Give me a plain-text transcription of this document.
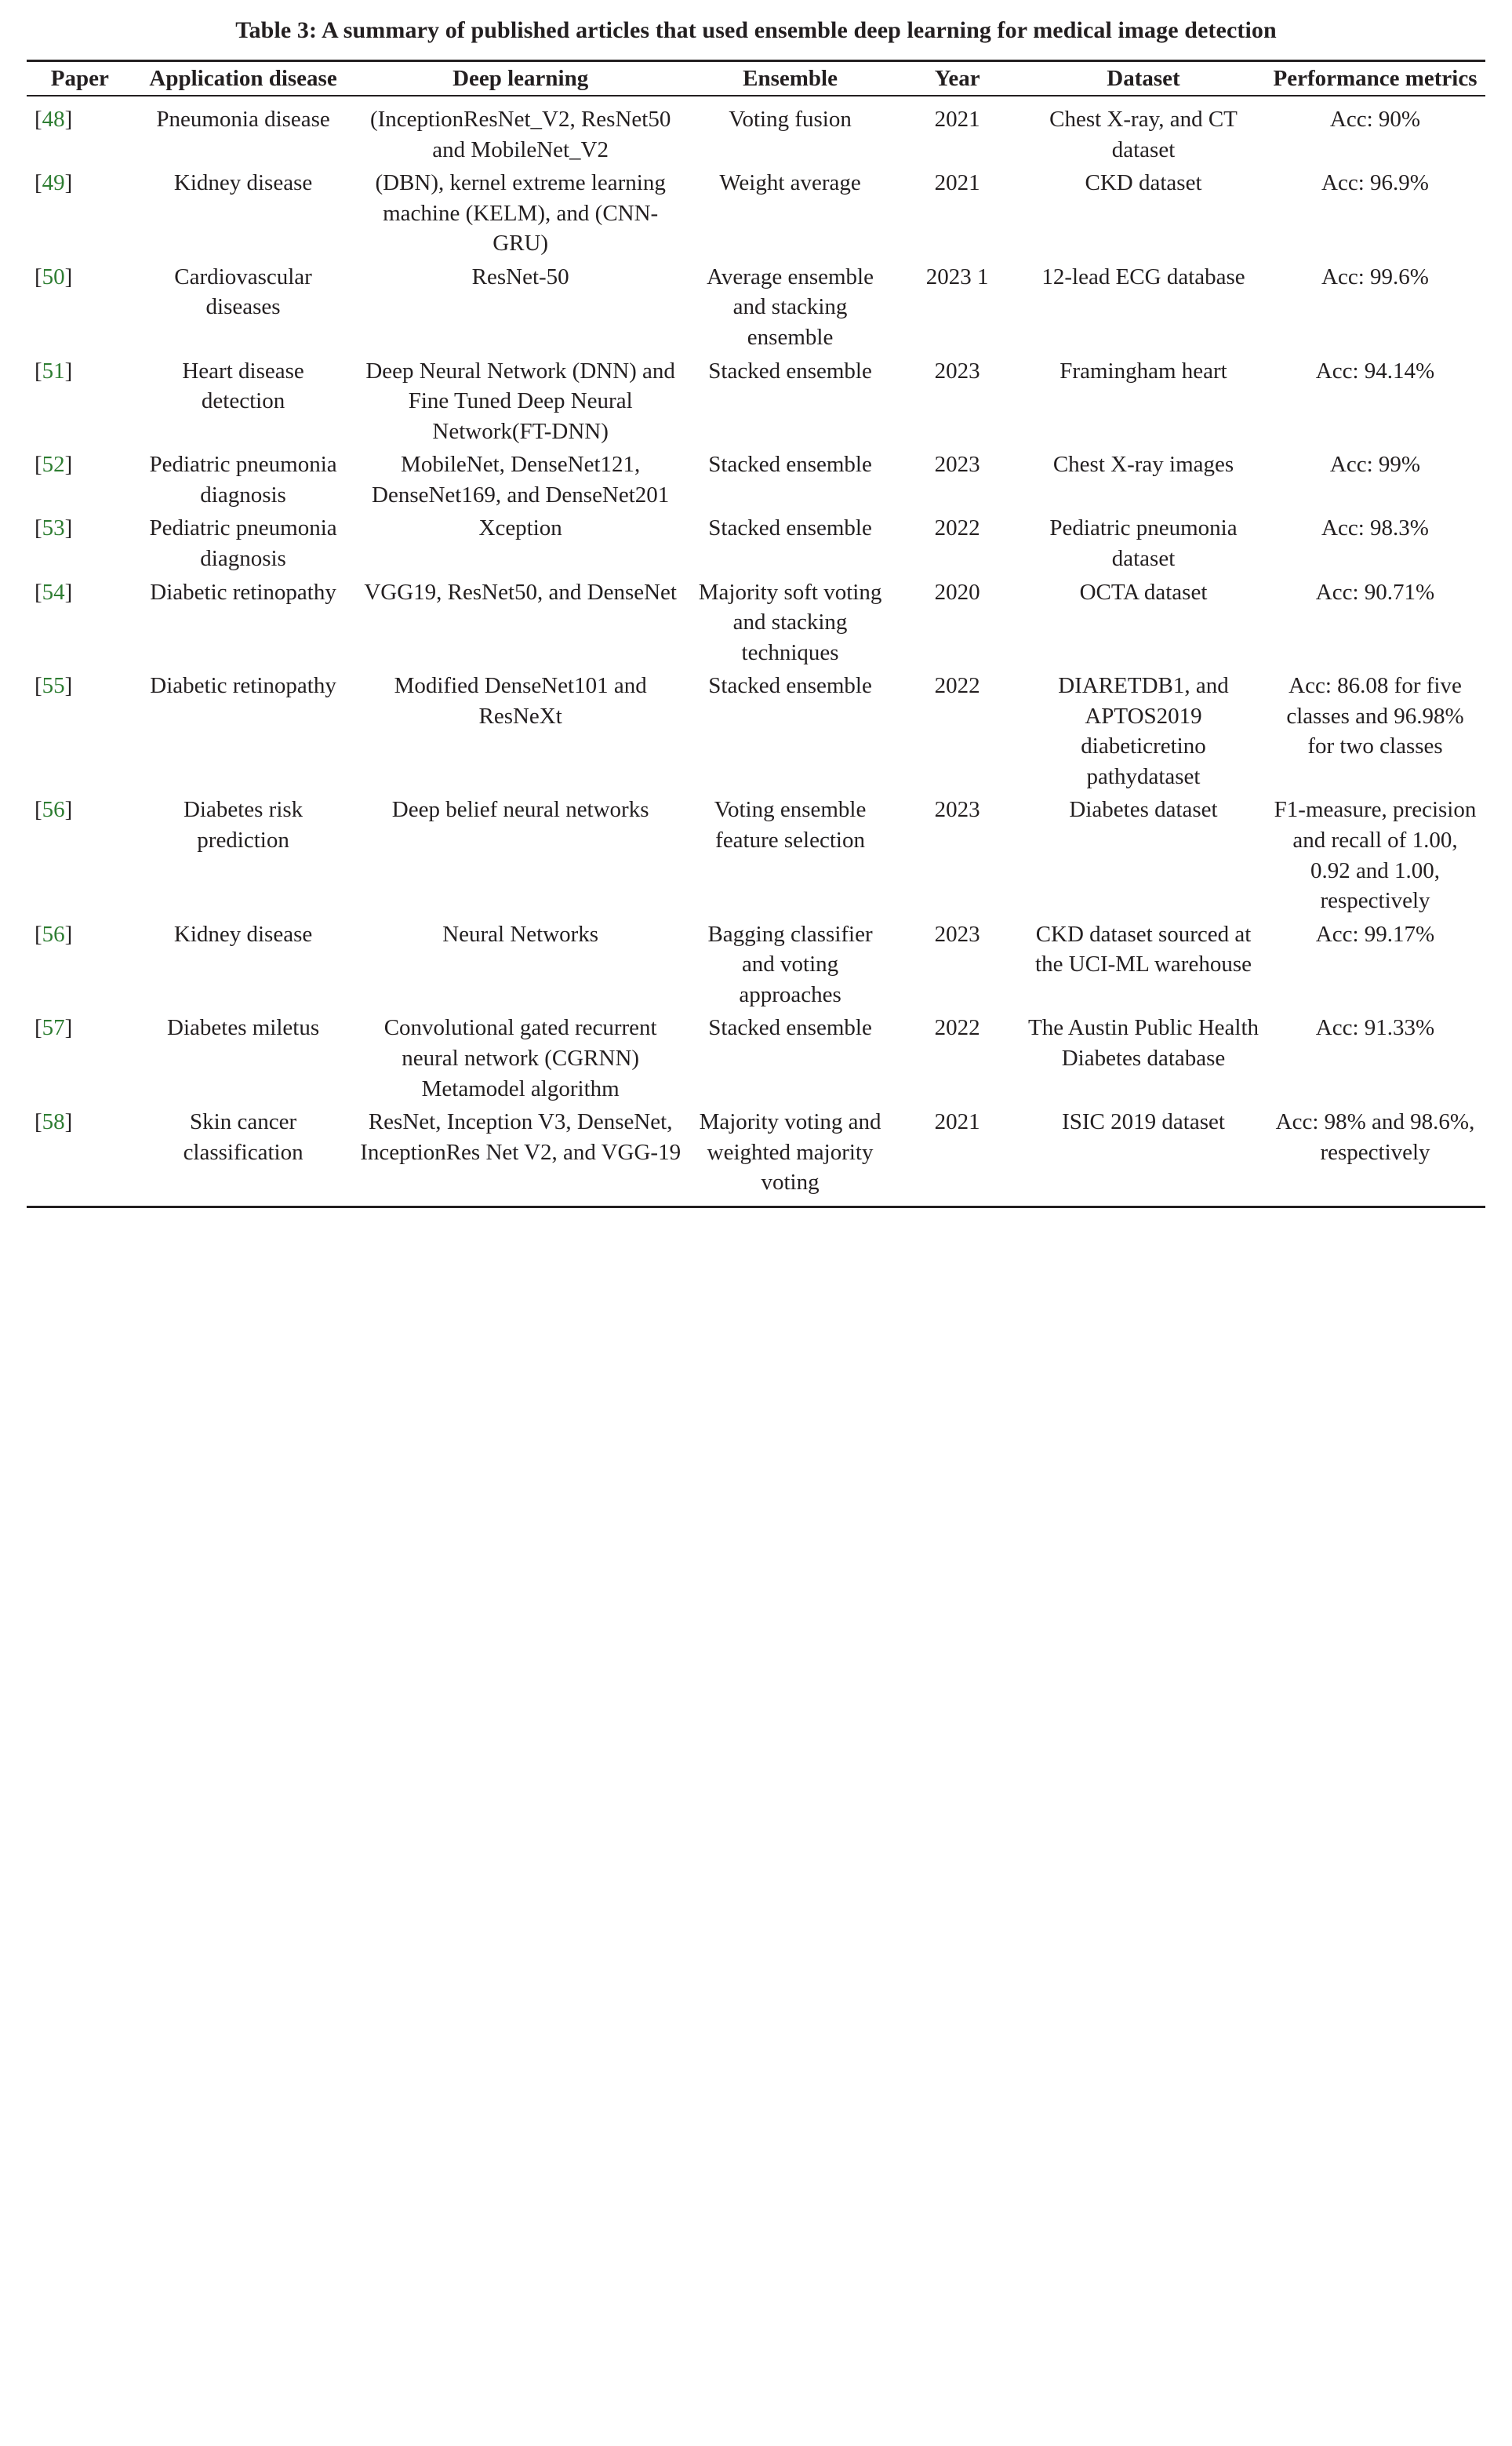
Table 3: A summary of published articles that used ensemble deep learning for medical image detection
Paper	Application disease	Deep learning	Ensemble	Year	Dataset	Performance metrics
[48]	Pneumonia disease	(InceptionResNet_V2, ResNet50 and MobileNet_V2	Voting fusion	2021	Chest X-ray, and CT dataset	Acc: 90%
[49]	Kidney disease	(DBN), kernel extreme learning machine (KELM), and (CNN-GRU)	Weight average	2021	CKD dataset	Acc: 96.9%
[50]	Cardiovascular diseases	ResNet-50	Average ensemble and stacking ensemble	2023 1	12-lead ECG database	Acc: 99.6%
[51]	Heart disease detection	Deep Neural Network (DNN) and Fine Tuned Deep Neural Network(FT-DNN)	Stacked ensemble	2023	Framingham heart	Acc: 94.14%
[52]	Pediatric pneumonia diagnosis	MobileNet, DenseNet121, DenseNet169, and DenseNet201	Stacked ensemble	2023	Chest X-ray images	Acc: 99%
[53]	Pediatric pneumonia diagnosis	Xception	Stacked ensemble	2022	Pediatric pneumonia dataset	Acc: 98.3%
[54]	Diabetic retinopathy	VGG19, ResNet50, and DenseNet	Majority soft voting and stacking techniques	2020	OCTA dataset	Acc: 90.71%
[55]	Diabetic retinopathy	Modified DenseNet101 and ResNeXt	Stacked ensemble	2022	DIARETDB1, and APTOS2019 diabeticretino pathydataset	Acc: 86.08 for five classes and 96.98% for two classes
[56]	Diabetes risk prediction	Deep belief neural networks	Voting ensemble feature selection	2023	Diabetes dataset	F1-measure, precision and recall of 1.00, 0.92 and 1.00, respectively
[56]	Kidney disease	Neural Networks	Bagging classifier and voting approaches	2023	CKD dataset sourced at the UCI-ML warehouse	Acc: 99.17%
[57]	Diabetes miletus	Convolutional gated recurrent neural network (CGRNN) Metamodel algorithm	Stacked ensemble	2022	The Austin Public Health Diabetes database	Acc: 91.33%
[58]	Skin cancer classification	ResNet, Inception V3, DenseNet, InceptionRes Net V2, and VGG-19	Majority voting and weighted majority voting	2021	ISIC 2019 dataset	Acc: 98% and 98.6%, respectively
